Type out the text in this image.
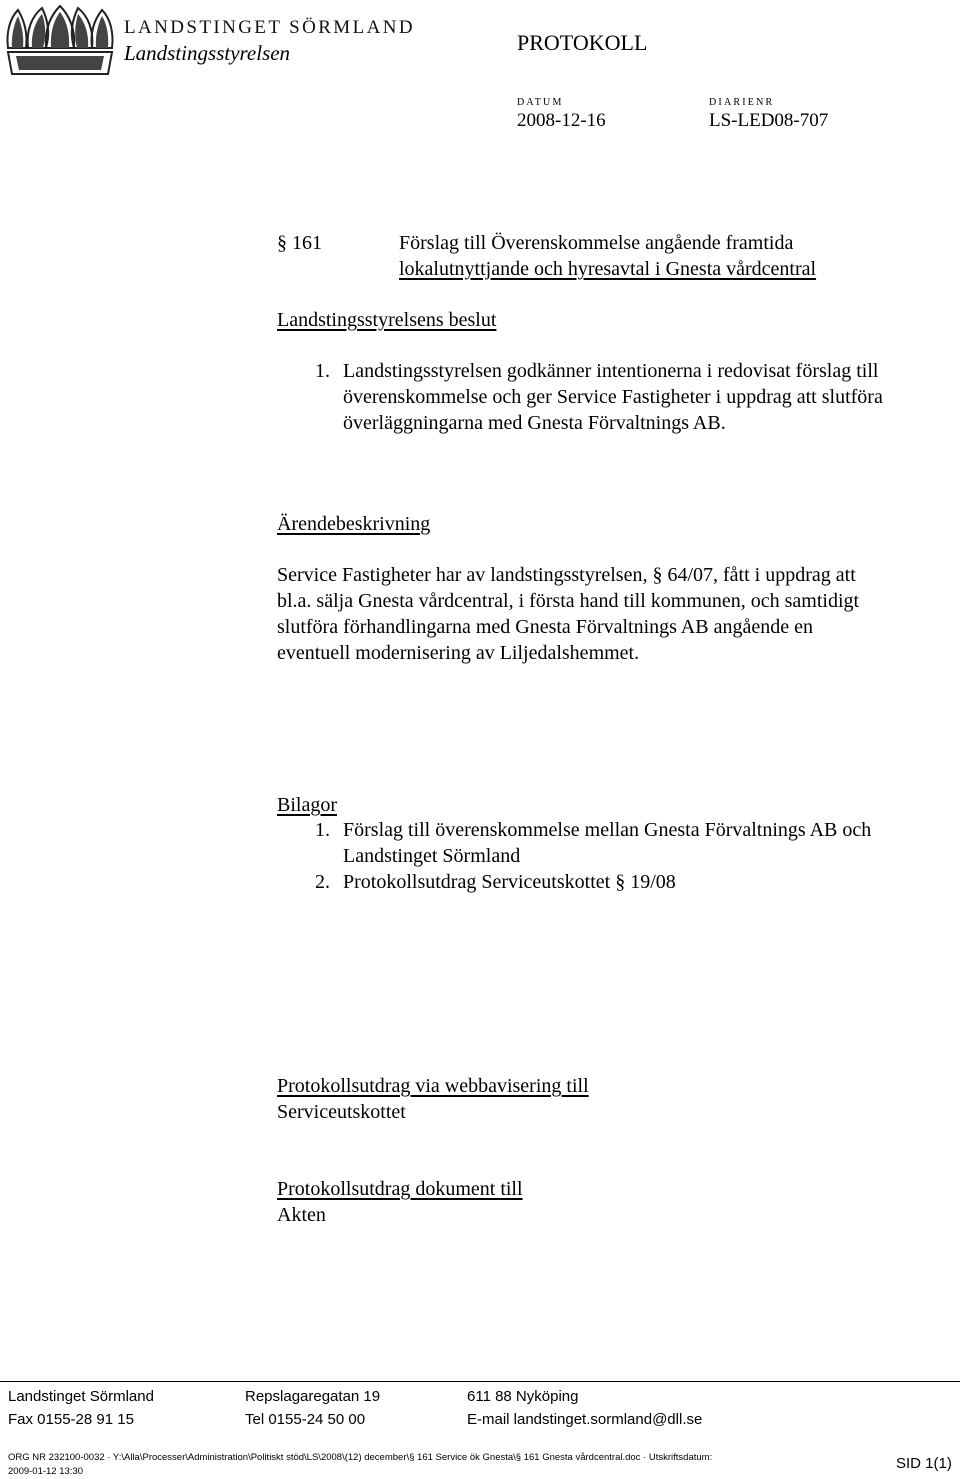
LANDSTINGET SÖRMLAND
Landstingsstyrelsen	PROTOKOLL
DATUM
2008-12-16
DIARIENR
LS-LED08-707
§ 161	Förslag till Överenskommelse angående framtida
lokalutnyttjande och hyresavtal i Gnesta vårdcentral
Landstingsstyrelsens beslut
1. Landstingsstyrelsen godkänner intentionerna i redovisat förslag till
överenskommelse och ger Service Fastigheter i uppdrag att slutföra
överläggningarna med Gnesta Förvaltnings AB.
Ärendebeskrivning
Service Fastigheter har av landstingsstyrelsen, § 64/07, fått i uppdrag att
bl.a. sälja Gnesta vårdcentral, i första hand till kommunen, och samtidigt
slutföra förhandlingarna med Gnesta Förvaltnings AB angående en
eventuell modernisering av Liljedalshemmet.
Bilagor
1. Förslag till överenskommelse mellan Gnesta Förvaltnings AB och
Landstinget Sörmland
2. Protokollsutdrag Serviceutskottet § 19/08
Protokollsutdrag via webbavisering till
Serviceutskottet
Protokollsutdrag dokument till
Akten
Landstinget Sörmland	Repslagaregatan 19	611 88 Nyköping
Fax 0155-28 91 15	Tel 0155-24 50 00	E-mail landstinget.sormland@dll.se
ORG NR 232100-0032 · Y:\Alla\Processer\Administration\Politiskt stöd\LS\2008\(12) december\§ 161 Service ök Gnesta\§ 161 Gnesta vårdcentral.doc · Utskriftsdatum:
2009-01-12 13:30	SID 1(1)
